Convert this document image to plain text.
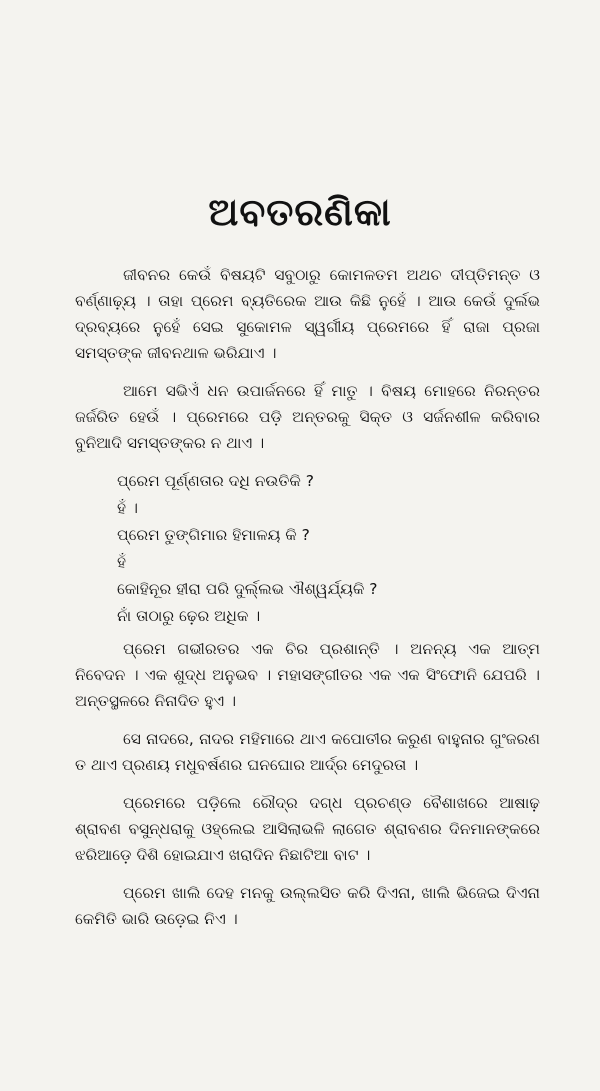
ଅବତରଣିକା

ଜୀବନର କେଉଁ ବିଷୟଟି ସବୁଠାରୁ କୋମଳତମ ଅଥଚ ଦୀପ୍ତିମନ୍ତ ଓ ବର୍ଣ୍ଣାଢ଼୍ୟ । ତାହା ପ୍ରେମ ବ୍ୟତିରେକ ଆଉ କିଛି ନୁହେଁ । ଆଉ କେଉଁ ଦୁର୍ଲଭ ଦ୍ରବ୍ୟରେ ନୁହେଁ ସେଇ ସୁକୋମଳ ସ୍ୱର୍ଗୀୟ ପ୍ରେମରେ ହିଁ ରାଜା ପ୍ରଜା ସମସ୍ତଙ୍କ ଜୀବନଥାଳ ଭରିଯାଏ ।

ଆମେ ସଭିଏଁ ଧନ ଉପାର୍ଜନରେ ହିଁ ମାତୁ । ବିଷୟ ମୋହରେ ନିରନ୍ତର ଜର୍ଜରିତ ହେଉଁ । ପ୍ରେମରେ ପଡ଼ି ଅନ୍ତରକୁ ସିକ୍ତ ଓ ସର୍ଜନଶୀଳ କରିବାର ବୁନିଆଦି ସମସ୍ତଙ୍କର ନ ଥାଏ ।

ପ୍ରେମ ପୂର୍ଣ୍ଣତାର ଦଧି ନଉତିକି ?

ହଁ ।

ପ୍ରେମ ତୁଙ୍ଗିମାର ହିମାଳୟ କି ?

ହଁ

କୋହିନୂର ହୀରା ପରି ଦୁର୍ଲ୍ଲଭ ଐଶ୍ୱର୍ଯ୍ୟକି ?

ନାଁ ତାଠାରୁ ଢ଼େର ଅଧିକ ।

ପ୍ରେମ ଗଭୀରତର ଏକ ଚିର ପ୍ରଶାନ୍ତି । ଅନନ୍ୟ ଏକ ଆତ୍ମ ନିବେଦନ । ଏକ ଶୁଦ୍ଧ ଅନୁଭବ । ମହାସଙ୍ଗୀତର ଏକ ଏକ ସିଂଫୋନି ଯେପରି । ଅନ୍ତସ୍ଥଳରେ ନିନାଦିତ ହୁଏ ।

ସେ ନାଦରେ, ନାଦର ମହିମାରେ ଥାଏ କପୋତୀର କରୁଣ ବାହୁନାର ଗୁଂଜରଣ ତ ଥାଏ ପ୍ରଣୟ ମଧୁବର୍ଷଣର ଘନଘୋର ଆର୍ଦ୍ର ମେଦୁରତା ।

ପ୍ରେମରେ ପଡ଼ିଲେ ରୌଦ୍ର ଦଗ୍ଧ ପ୍ରଚଣ୍ଡ ବୈଶାଖରେ ଆଷାଢ଼ ଶ୍ରାବଣ ବସୁନ୍ଧରାକୁ ଓହ୍ଲେଇ ଆସିଲାଭଳି ଲାଗେତ ଶ୍ରାବଣର ଦିନମାନଙ୍କରେ ଝରିଆଡ଼େ ଦିଶି ହୋଇଯାଏ ଖରାଦିନ ନିଛାଟିଆ ବାଟ ।

ପ୍ରେମ ଖାଲି ଦେହ ମନକୁ ଉଲ୍ଲସିତ କରି ଦିଏନା, ଖାଲି ଭିଜେଇ ଦିଏନା କେମିତି ଭାରି ଉଡ଼େଇ ନିଏ ।
